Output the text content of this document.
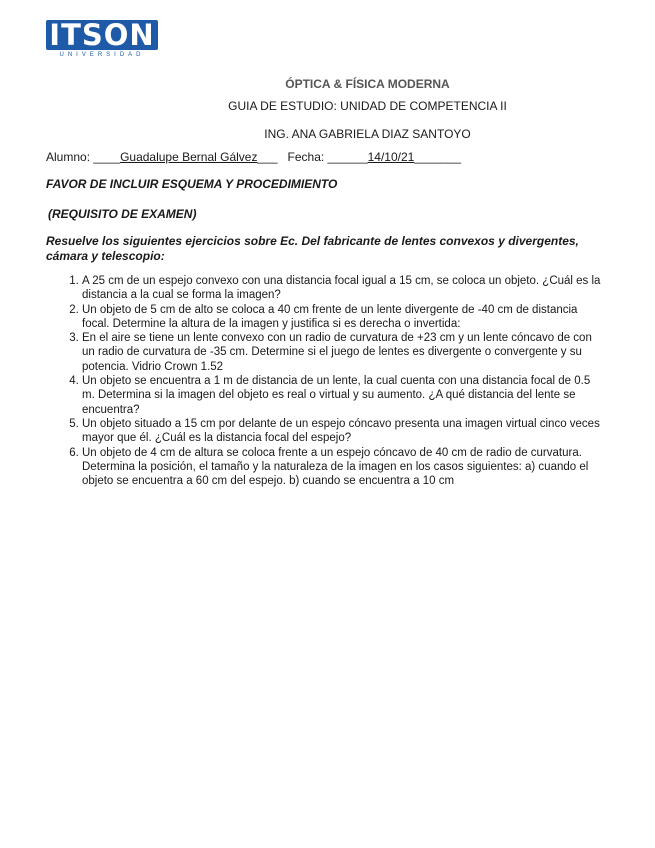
ITSON
UNIVERSIDAD
ÓPTICA & FÍSICA MODERNA
GUIA DE ESTUDIO: UNIDAD DE COMPETENCIA II
ING. ANA GABRIELA DIAZ SANTOYO
Alumno: ____Guadalupe Bernal Gálvez___   Fecha: ______14/10/21_______
FAVOR DE INCLUIR ESQUEMA Y PROCEDIMIENTO
(REQUISITO DE EXAMEN)
Resuelve los siguientes ejercicios sobre Ec. Del fabricante de lentes convexos y divergentes, cámara y telescopio:
1. A 25 cm de un espejo convexo con una distancia focal igual a 15 cm, se coloca un objeto. ¿Cuál es la distancia a la cual se forma la imagen?
2. Un objeto de 5 cm de alto se coloca a 40 cm frente de un lente divergente de -40 cm de distancia focal. Determine la altura de la imagen y justifica si es derecha o invertida:
3. En el aire se tiene un lente convexo con un radio de curvatura de +23 cm y un lente cóncavo de con un radio de curvatura de -35 cm. Determine si el juego de lentes es divergente o convergente y su potencia. Vidrio Crown 1.52
4. Un objeto se encuentra a 1 m de distancia de un lente, la cual cuenta con una distancia focal de 0.5 m. Determina si la imagen del objeto es real o virtual y su aumento. ¿A qué distancia del lente se encuentra?
5. Un objeto situado a 15 cm por delante de un espejo cóncavo presenta una imagen virtual cinco veces mayor que él. ¿Cuál es la distancia focal del espejo?
6. Un objeto de 4 cm de altura se coloca frente a un espejo cóncavo de 40 cm de radio de curvatura. Determina la posición, el tamaño y la naturaleza de la imagen en los casos siguientes: a) cuando el objeto se encuentra a 60 cm del espejo. b) cuando se encuentra a 10 cm
